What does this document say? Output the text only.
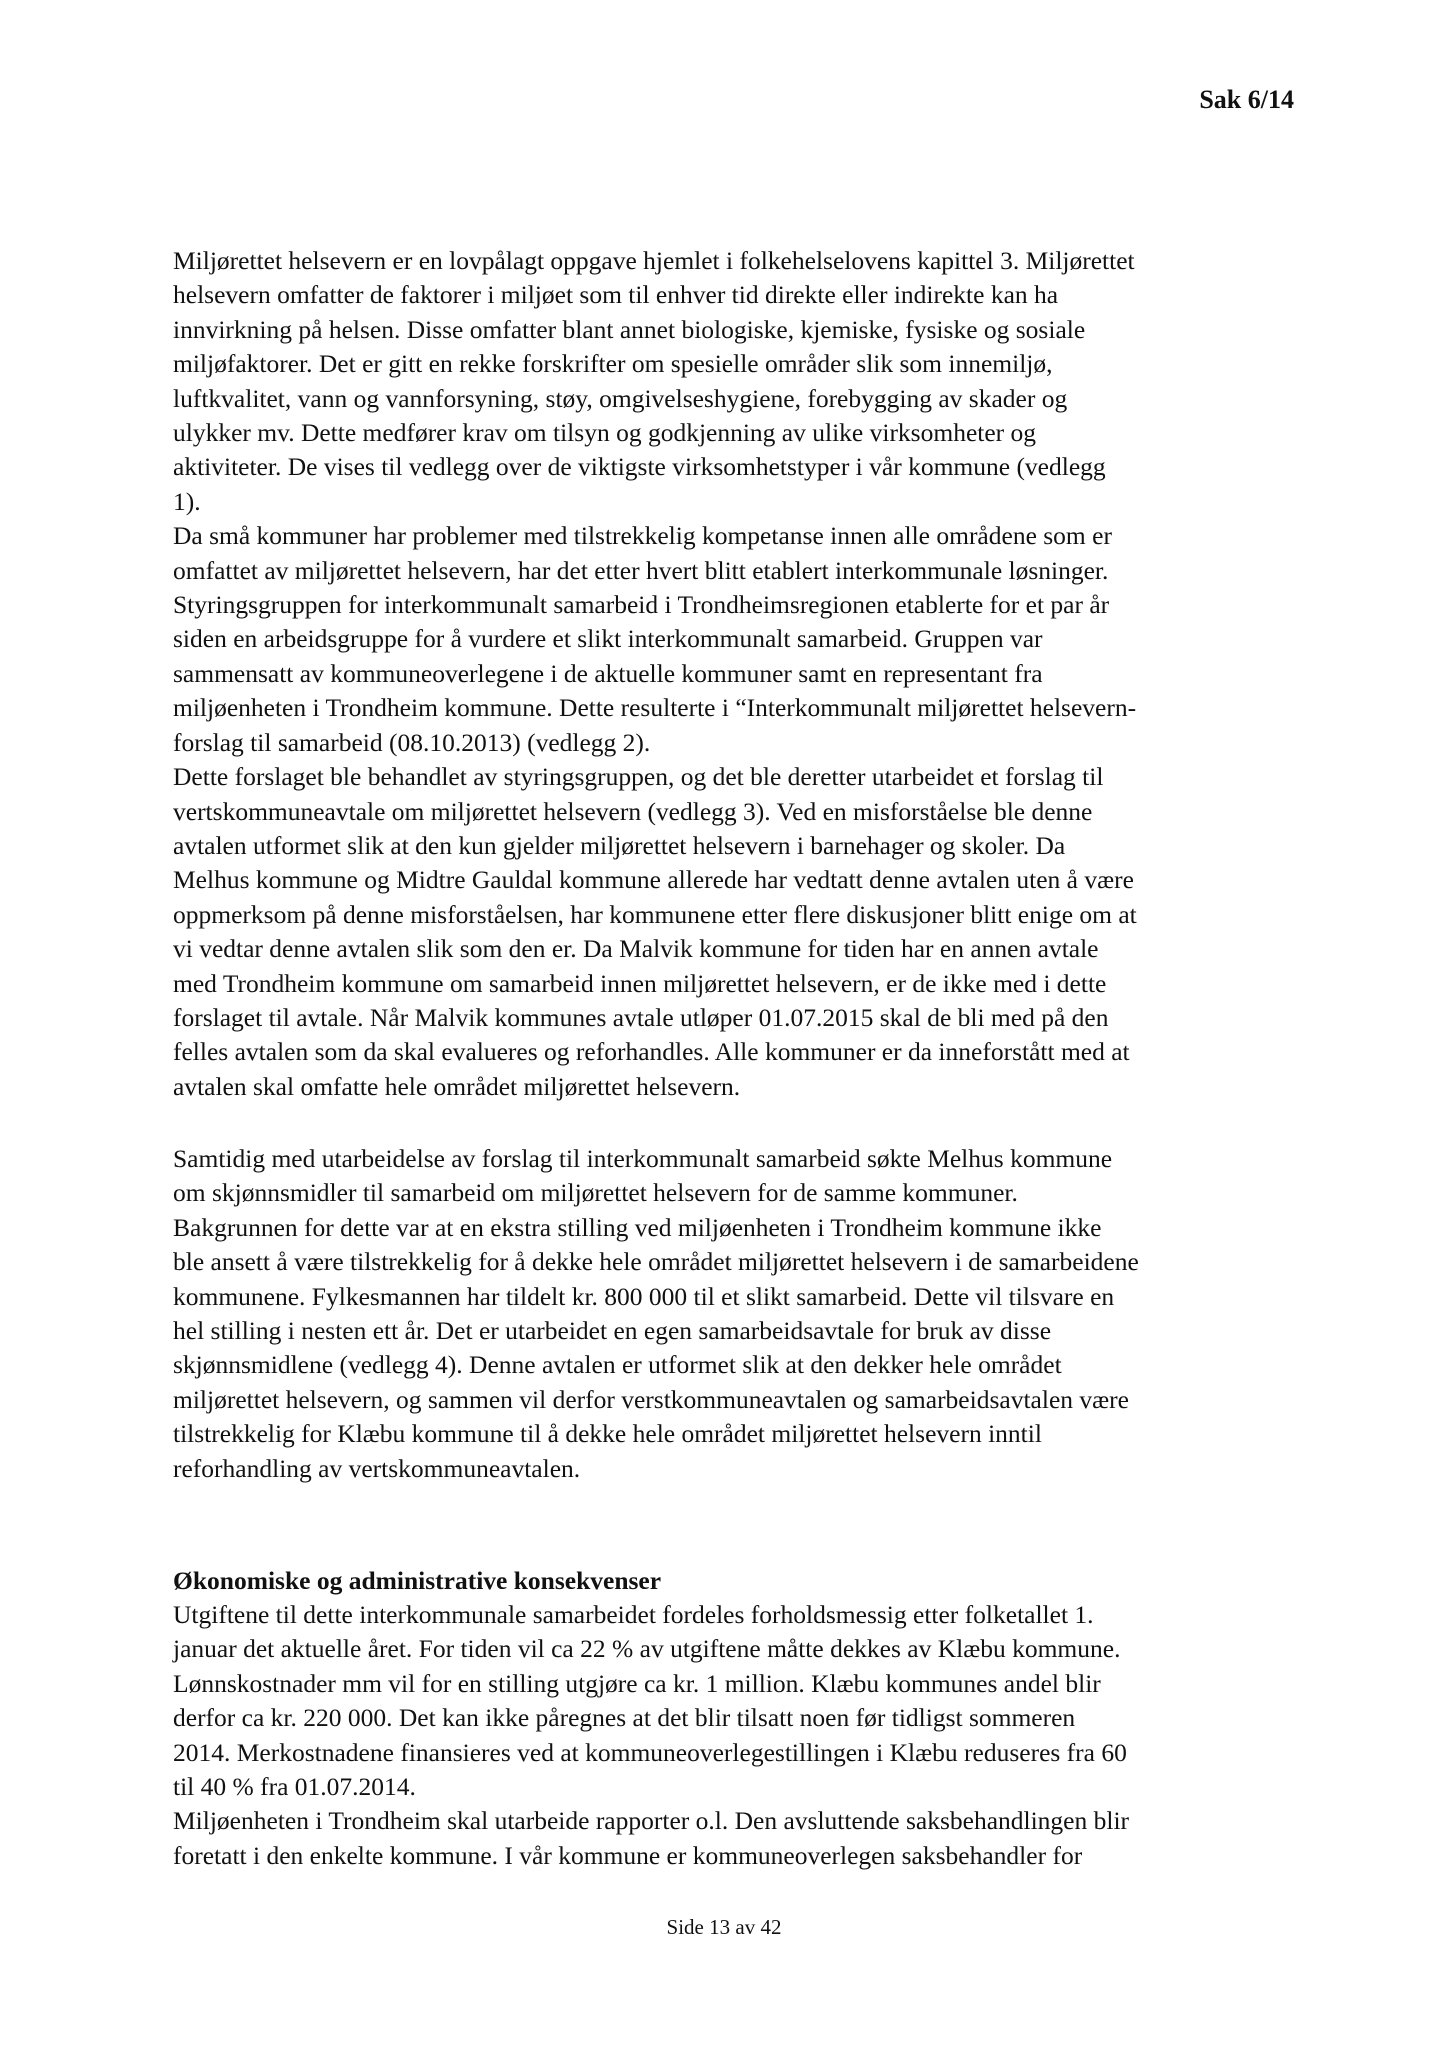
Sak 6/14
Miljørettet helsevern er en lovpålagt oppgave hjemlet i folkehelselovens kapittel 3. Miljørettet
helsevern omfatter de faktorer i miljøet som til enhver tid direkte eller indirekte kan ha
innvirkning på helsen. Disse omfatter blant annet biologiske, kjemiske, fysiske og sosiale
miljøfaktorer. Det er gitt en rekke forskrifter om spesielle områder slik som innemiljø,
luftkvalitet, vann og vannforsyning, støy, omgivelseshygiene, forebygging av skader og
ulykker mv. Dette medfører krav om tilsyn og godkjenning av ulike virksomheter og
aktiviteter. De vises til vedlegg over de viktigste virksomhetstyper i vår kommune (vedlegg
1).
Da små kommuner har problemer med tilstrekkelig kompetanse innen alle områdene som er
omfattet av miljørettet helsevern, har det etter hvert blitt etablert interkommunale løsninger.
Styringsgruppen for interkommunalt samarbeid i Trondheimsregionen etablerte for et par år
siden en arbeidsgruppe for å vurdere et slikt interkommunalt samarbeid. Gruppen var
sammensatt av kommuneoverlegene i de aktuelle kommuner samt en representant fra
miljøenheten i Trondheim kommune. Dette resulterte i “Interkommunalt miljørettet helsevern-
forslag til samarbeid (08.10.2013) (vedlegg 2).
Dette forslaget ble behandlet av styringsgruppen, og det ble deretter utarbeidet et forslag til
vertskommuneavtale om miljørettet helsevern (vedlegg 3). Ved en misforståelse ble denne
avtalen utformet slik at den kun gjelder miljørettet helsevern i barnehager og skoler. Da
Melhus kommune og Midtre Gauldal kommune allerede har vedtatt denne avtalen uten å være
oppmerksom på denne misforståelsen, har kommunene etter flere diskusjoner blitt enige om at
vi vedtar denne avtalen slik som den er. Da Malvik kommune for tiden har en annen avtale
med Trondheim kommune om samarbeid innen miljørettet helsevern, er de ikke med i dette
forslaget til avtale. Når Malvik kommunes avtale utløper 01.07.2015 skal de bli med på den
felles avtalen som da skal evalueres og reforhandles. Alle kommuner er da inneforstått med at
avtalen skal omfatte hele området miljørettet helsevern.
Samtidig med utarbeidelse av forslag til interkommunalt samarbeid søkte Melhus kommune
om skjønnsmidler til samarbeid om miljørettet helsevern for de samme kommuner.
Bakgrunnen for dette var at en ekstra stilling ved miljøenheten i Trondheim kommune ikke
ble ansett å være tilstrekkelig for å dekke hele området miljørettet helsevern i de samarbeidene
kommunene. Fylkesmannen har tildelt kr. 800 000 til et slikt samarbeid. Dette vil tilsvare en
hel stilling i nesten ett år. Det er utarbeidet en egen samarbeidsavtale for bruk av disse
skjønnsmidlene (vedlegg 4). Denne avtalen er utformet slik at den dekker hele området
miljørettet helsevern, og sammen vil derfor verstkommuneavtalen og samarbeidsavtalen være
tilstrekkelig for Klæbu kommune til å dekke hele området miljørettet helsevern inntil
reforhandling av vertskommuneavtalen.
Økonomiske og administrative konsekvenser
Utgiftene til dette interkommunale samarbeidet fordeles forholdsmessig etter folketallet 1.
januar det aktuelle året. For tiden vil ca 22 % av utgiftene måtte dekkes av Klæbu kommune.
Lønnskostnader mm vil for en stilling utgjøre ca kr. 1 million. Klæbu kommunes andel blir
derfor ca kr. 220 000. Det kan ikke påregnes at det blir tilsatt noen før tidligst sommeren
2014. Merkostnadene finansieres ved at kommuneoverlegestillingen i Klæbu reduseres fra 60
til 40 % fra 01.07.2014.
Miljøenheten i Trondheim skal utarbeide rapporter o.l. Den avsluttende saksbehandlingen blir
foretatt i den enkelte kommune. I vår kommune er kommuneoverlegen saksbehandler for
Side 13 av 42
